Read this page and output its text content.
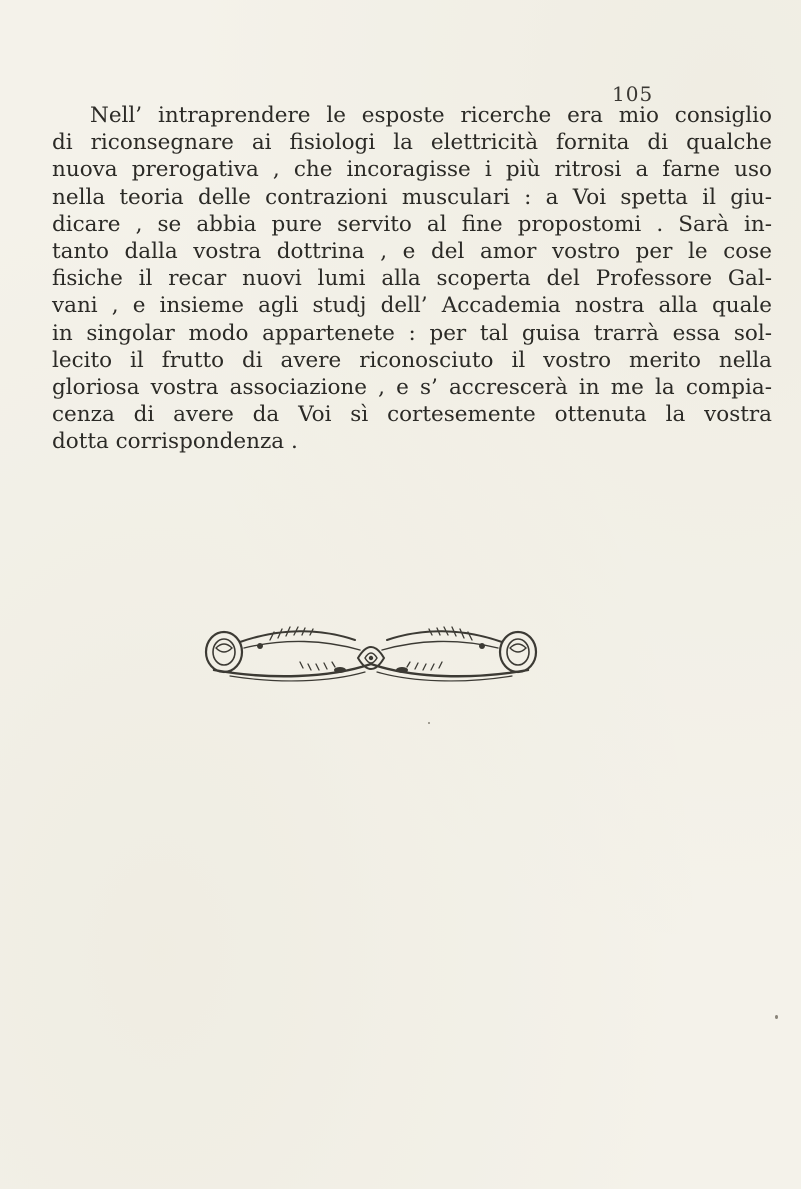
105
Nell’ intraprendere le esposte ricerche era mio consiglio
di riconsegnare ai fisiologi la elettricità fornita di qualche
nuova prerogativa , che incoragisse i più ritrosi a farne uso
nella teoria delle contrazioni musculari : a Voi spetta il giu-
dicare , se abbia pure servito al fine propostomi . Sarà in-
tanto dalla vostra dottrina , e del amor vostro per le cose
fisiche il recar nuovi lumi alla scoperta del Professore Gal-
vani , e insieme agli studj dell’ Accademia nostra alla quale
in singolar modo appartenete : per tal guisa trarrà essa sol-
lecito il frutto di avere riconosciuto il vostro merito nella
gloriosa vostra associazione , e s’ accrescerà in me la compia-
cenza di avere da Voi sì cortesemente ottenuta la vostra
dotta corrispondenza .
